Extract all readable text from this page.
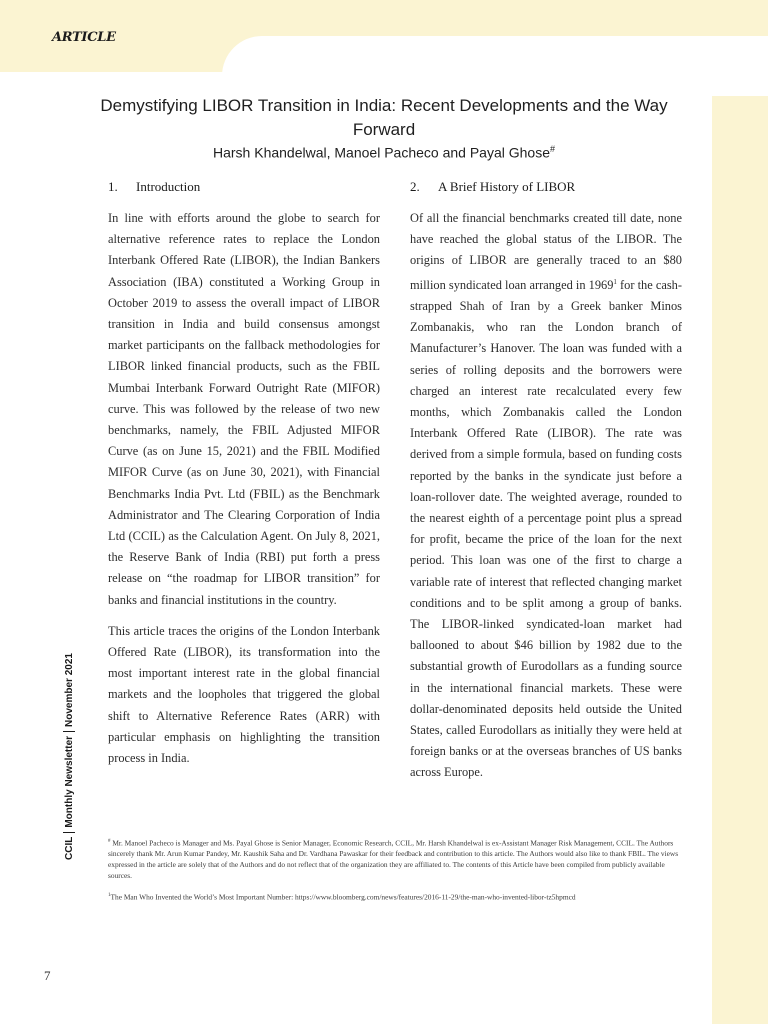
ARTICLE
Demystifying LIBOR Transition in India: Recent Developments and the Way Forward
Harsh Khandelwal, Manoel Pacheco and Payal Ghose#
1. Introduction	2. A Brief History of LIBOR

In line with efforts around the globe to search for alternative reference rates to replace the London Interbank Offered Rate (LIBOR), the Indian Bankers Association (IBA) constituted a Working Group in October 2019 to assess the overall impact of LIBOR transition in India and build consensus amongst market participants on the fallback methodologies for LIBOR linked financial products, such as the FBIL Mumbai Interbank Forward Outright Rate (MIFOR) curve. This was followed by the release of two new benchmarks, namely, the FBIL Adjusted MIFOR Curve (as on June 15, 2021) and the FBIL Modified MIFOR Curve (as on June 30, 2021), with Financial Benchmarks India Pvt. Ltd (FBIL) as the Benchmark Administrator and The Clearing Corporation of India Ltd (CCIL) as the Calculation Agent. On July 8, 2021, the Reserve Bank of India (RBI) put forth a press release on “the roadmap for LIBOR transition” for banks and financial institutions in the country.

This article traces the origins of the London Interbank Offered Rate (LIBOR), its transformation into the most important interest rate in the global financial markets and the loopholes that triggered the global shift to Alternative Reference Rates (ARR) with particular emphasis on highlighting the transition process in India.

Of all the financial benchmarks created till date, none have reached the global status of the LIBOR. The origins of LIBOR are generally traced to an $80 million syndicated loan arranged in 1969$^1$ for the cash-strapped Shah of Iran by a Greek banker Minos Zombanakis, who ran the London branch of Manufacturer’s Hanover. The loan was funded with a series of rolling deposits and the borrowers were charged an interest rate recalculated every few months, which Zombanakis called the London Interbank Offered Rate (LIBOR). The rate was derived from a simple formula, based on funding costs reported by the banks in the syndicate just before a loan-rollover date. The weighted average, rounded to the nearest eighth of a percentage point plus a spread for profit, became the price of the loan for the next period. This loan was one of the first to charge a variable rate of interest that reflected changing market conditions and to be split among a group of banks. The LIBOR-linked syndicated-loan market had ballooned to about $46 billion by 1982 due to the substantial growth of Eurodollars as a funding source in the international financial markets. These were dollar-denominated deposits held outside the United States, called Eurodollars as initially they were held at foreign banks or at the overseas branches of US banks across Europe.

CCILMonthly NewsletterNovember 2021

# Mr. Manoel Pacheco is Manager and Ms. Payal Ghose is Senior Manager, Economic Research, CCIL, Mr. Harsh Khandelwal is ex-Assistant Manager Risk Management, CCIL. The Authors sincerely thank Mr. Arun Kumar Pandey, Mr. Kaushik Saha and Dr. Vardhana Pawaskar for their feedback and contribution to this article. The Authors would also like to thank FBIL. The views expressed in the article are solely that of the Authors and do not reflect that of the organization they are affiliated to. The contents of this Article have been compiled from publicly available sources.

$^1$The Man Who Invented the World’s Most Important Number: https://www.bloomberg.com/news/features/2016-11-29/the-man-who-invented-libor-tz5hpmcd

7
